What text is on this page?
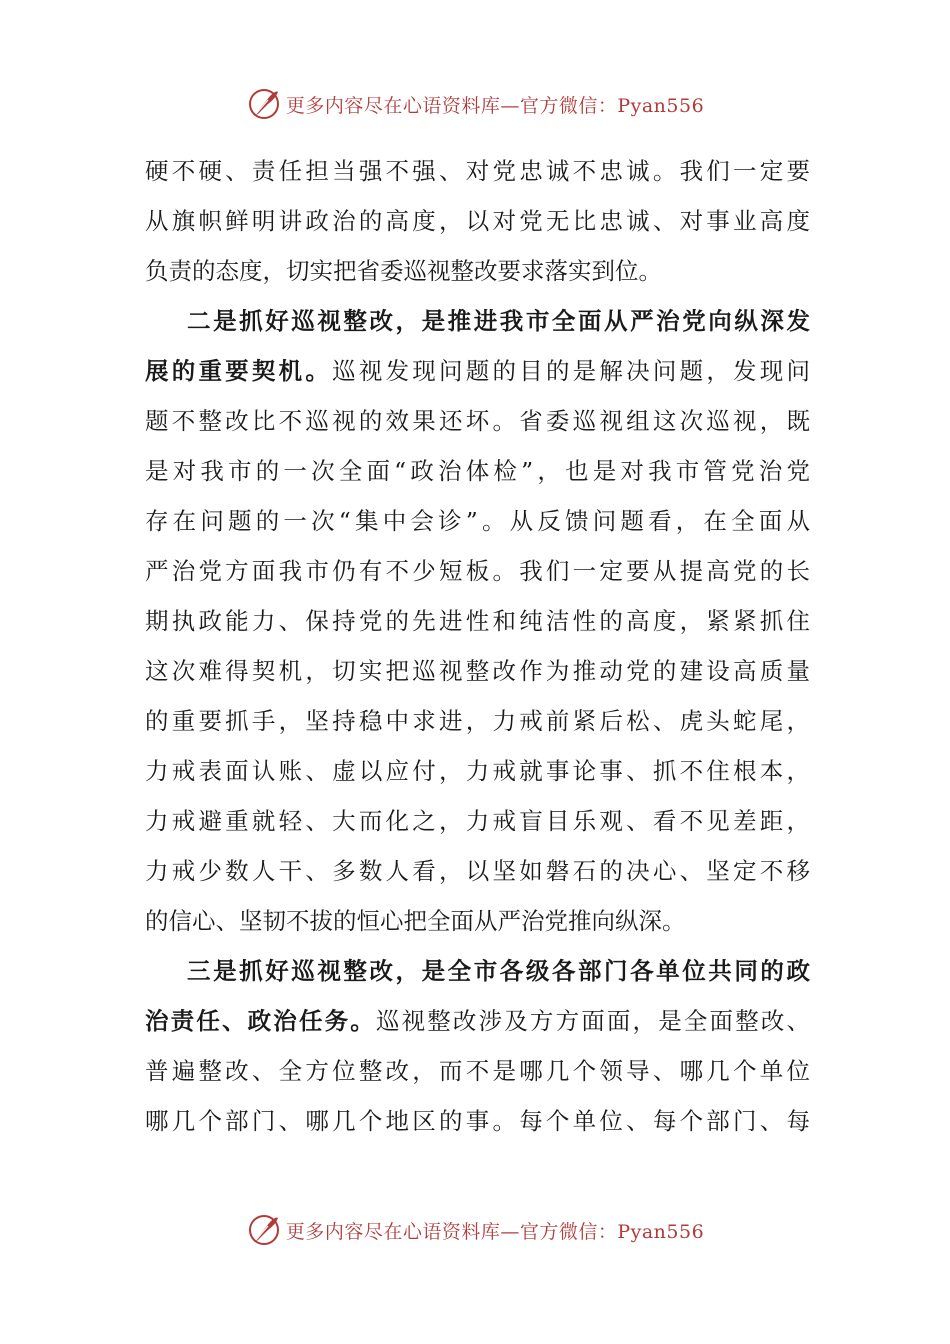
更多内容尽在心语资料库—官方微信：Pyan556
硬不硬、责任担当强不强、对党忠诚不忠诚。我们一定要
从旗帜鲜明讲政治的高度，以对党无比忠诚、对事业高度
负责的态度，切实把省委巡视整改要求落实到位。
二是抓好巡视整改，是推进我市全面从严治党向纵深发
展的重要契机。巡视发现问题的目的是解决问题，发现问
题不整改比不巡视的效果还坏。省委巡视组这次巡视，既
是对我市的一次全面“政治体检”，也是对我市管党治党
存在问题的一次“集中会诊”。从反馈问题看，在全面从
严治党方面我市仍有不少短板。我们一定要从提高党的长
期执政能力、保持党的先进性和纯洁性的高度，紧紧抓住
这次难得契机，切实把巡视整改作为推动党的建设高质量
的重要抓手，坚持稳中求进，力戒前紧后松、虎头蛇尾，
力戒表面认账、虚以应付，力戒就事论事、抓不住根本，
力戒避重就轻、大而化之，力戒盲目乐观、看不见差距，
力戒少数人干、多数人看，以坚如磐石的决心、坚定不移
的信心、坚韧不拔的恒心把全面从严治党推向纵深。
三是抓好巡视整改，是全市各级各部门各单位共同的政
治责任、政治任务。巡视整改涉及方方面面，是全面整改、
普遍整改、全方位整改，而不是哪几个领导、哪几个单位
哪几个部门、哪几个地区的事。每个单位、每个部门、每
更多内容尽在心语资料库—官方微信：Pyan556
